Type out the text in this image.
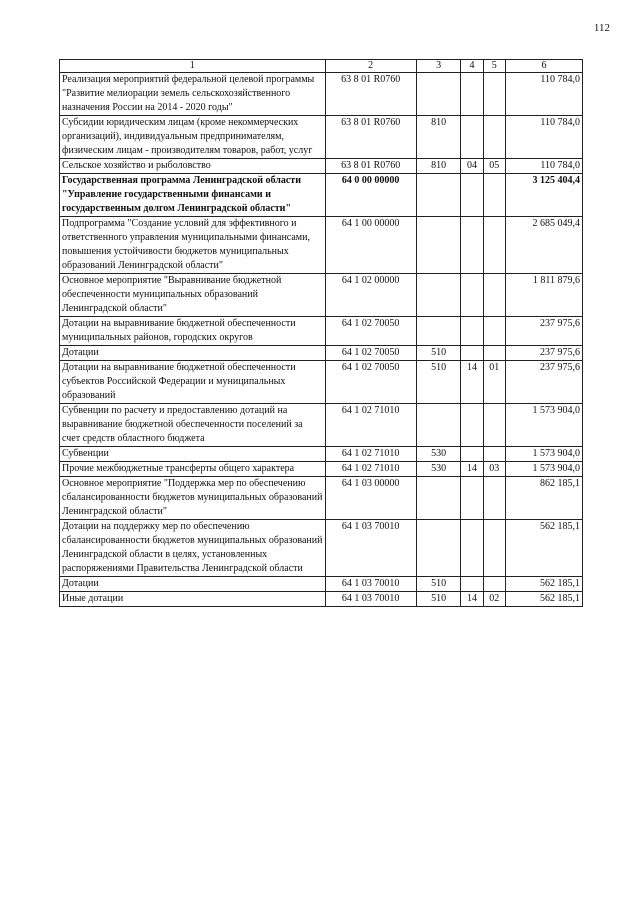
112
1	2	3	4	5	6
Реализация мероприятий федеральной целевой программы "Развитие мелиорации земель сельскохозяйственного назначения России на 2014 - 2020 годы"	63 8 01 R0760				110 784,0
Субсидии юридическим лицам (кроме некоммерческих организаций), индивидуальным предпринимателям, физическим лицам - производителям товаров, работ, услуг	63 8 01 R0760	810			110 784,0
Сельское хозяйство и рыболовство	63 8 01 R0760	810	04	05	110 784,0
Государственная программа Ленинградской области "Управление государственными финансами и государственным долгом Ленинградской области"	64 0 00 00000				3 125 404,4
Подпрограмма "Создание условий для эффективного и ответственного управления муниципальными финансами, повышения устойчивости бюджетов муниципальных образований Ленинградской области"	64 1 00 00000				2 685 049,4
Основное мероприятие "Выравнивание бюджетной обеспеченности муниципальных образований Ленинградской области"	64 1 02 00000				1 811 879,6
Дотации на выравнивание бюджетной обеспеченности муниципальных районов, городских округов	64 1 02 70050				237 975,6
Дотации	64 1 02 70050	510			237 975,6
Дотации на выравнивание бюджетной обеспеченности субъектов Российской Федерации и муниципальных образований	64 1 02 70050	510	14	01	237 975,6
Субвенции по расчету и предоставлению дотаций на выравнивание бюджетной обеспеченности поселений за счет средств областного бюджета	64 1 02 71010				1 573 904,0
Субвенции	64 1 02 71010	530			1 573 904,0
Прочие межбюджетные трансферты общего характера	64 1 02 71010	530	14	03	1 573 904,0
Основное мероприятие "Поддержка мер по обеспечению сбалансированности бюджетов муниципальных образований Ленинградской области"	64 1 03 00000				862 185,1
Дотации на поддержку мер по обеспечению сбалансированности бюджетов муниципальных образований Ленинградской области в целях, установленных распоряжениями Правительства Ленинградской области	64 1 03 70010				562 185,1
Дотации	64 1 03 70010	510			562 185,1
Иные дотации	64 1 03 70010	510	14	02	562 185,1
